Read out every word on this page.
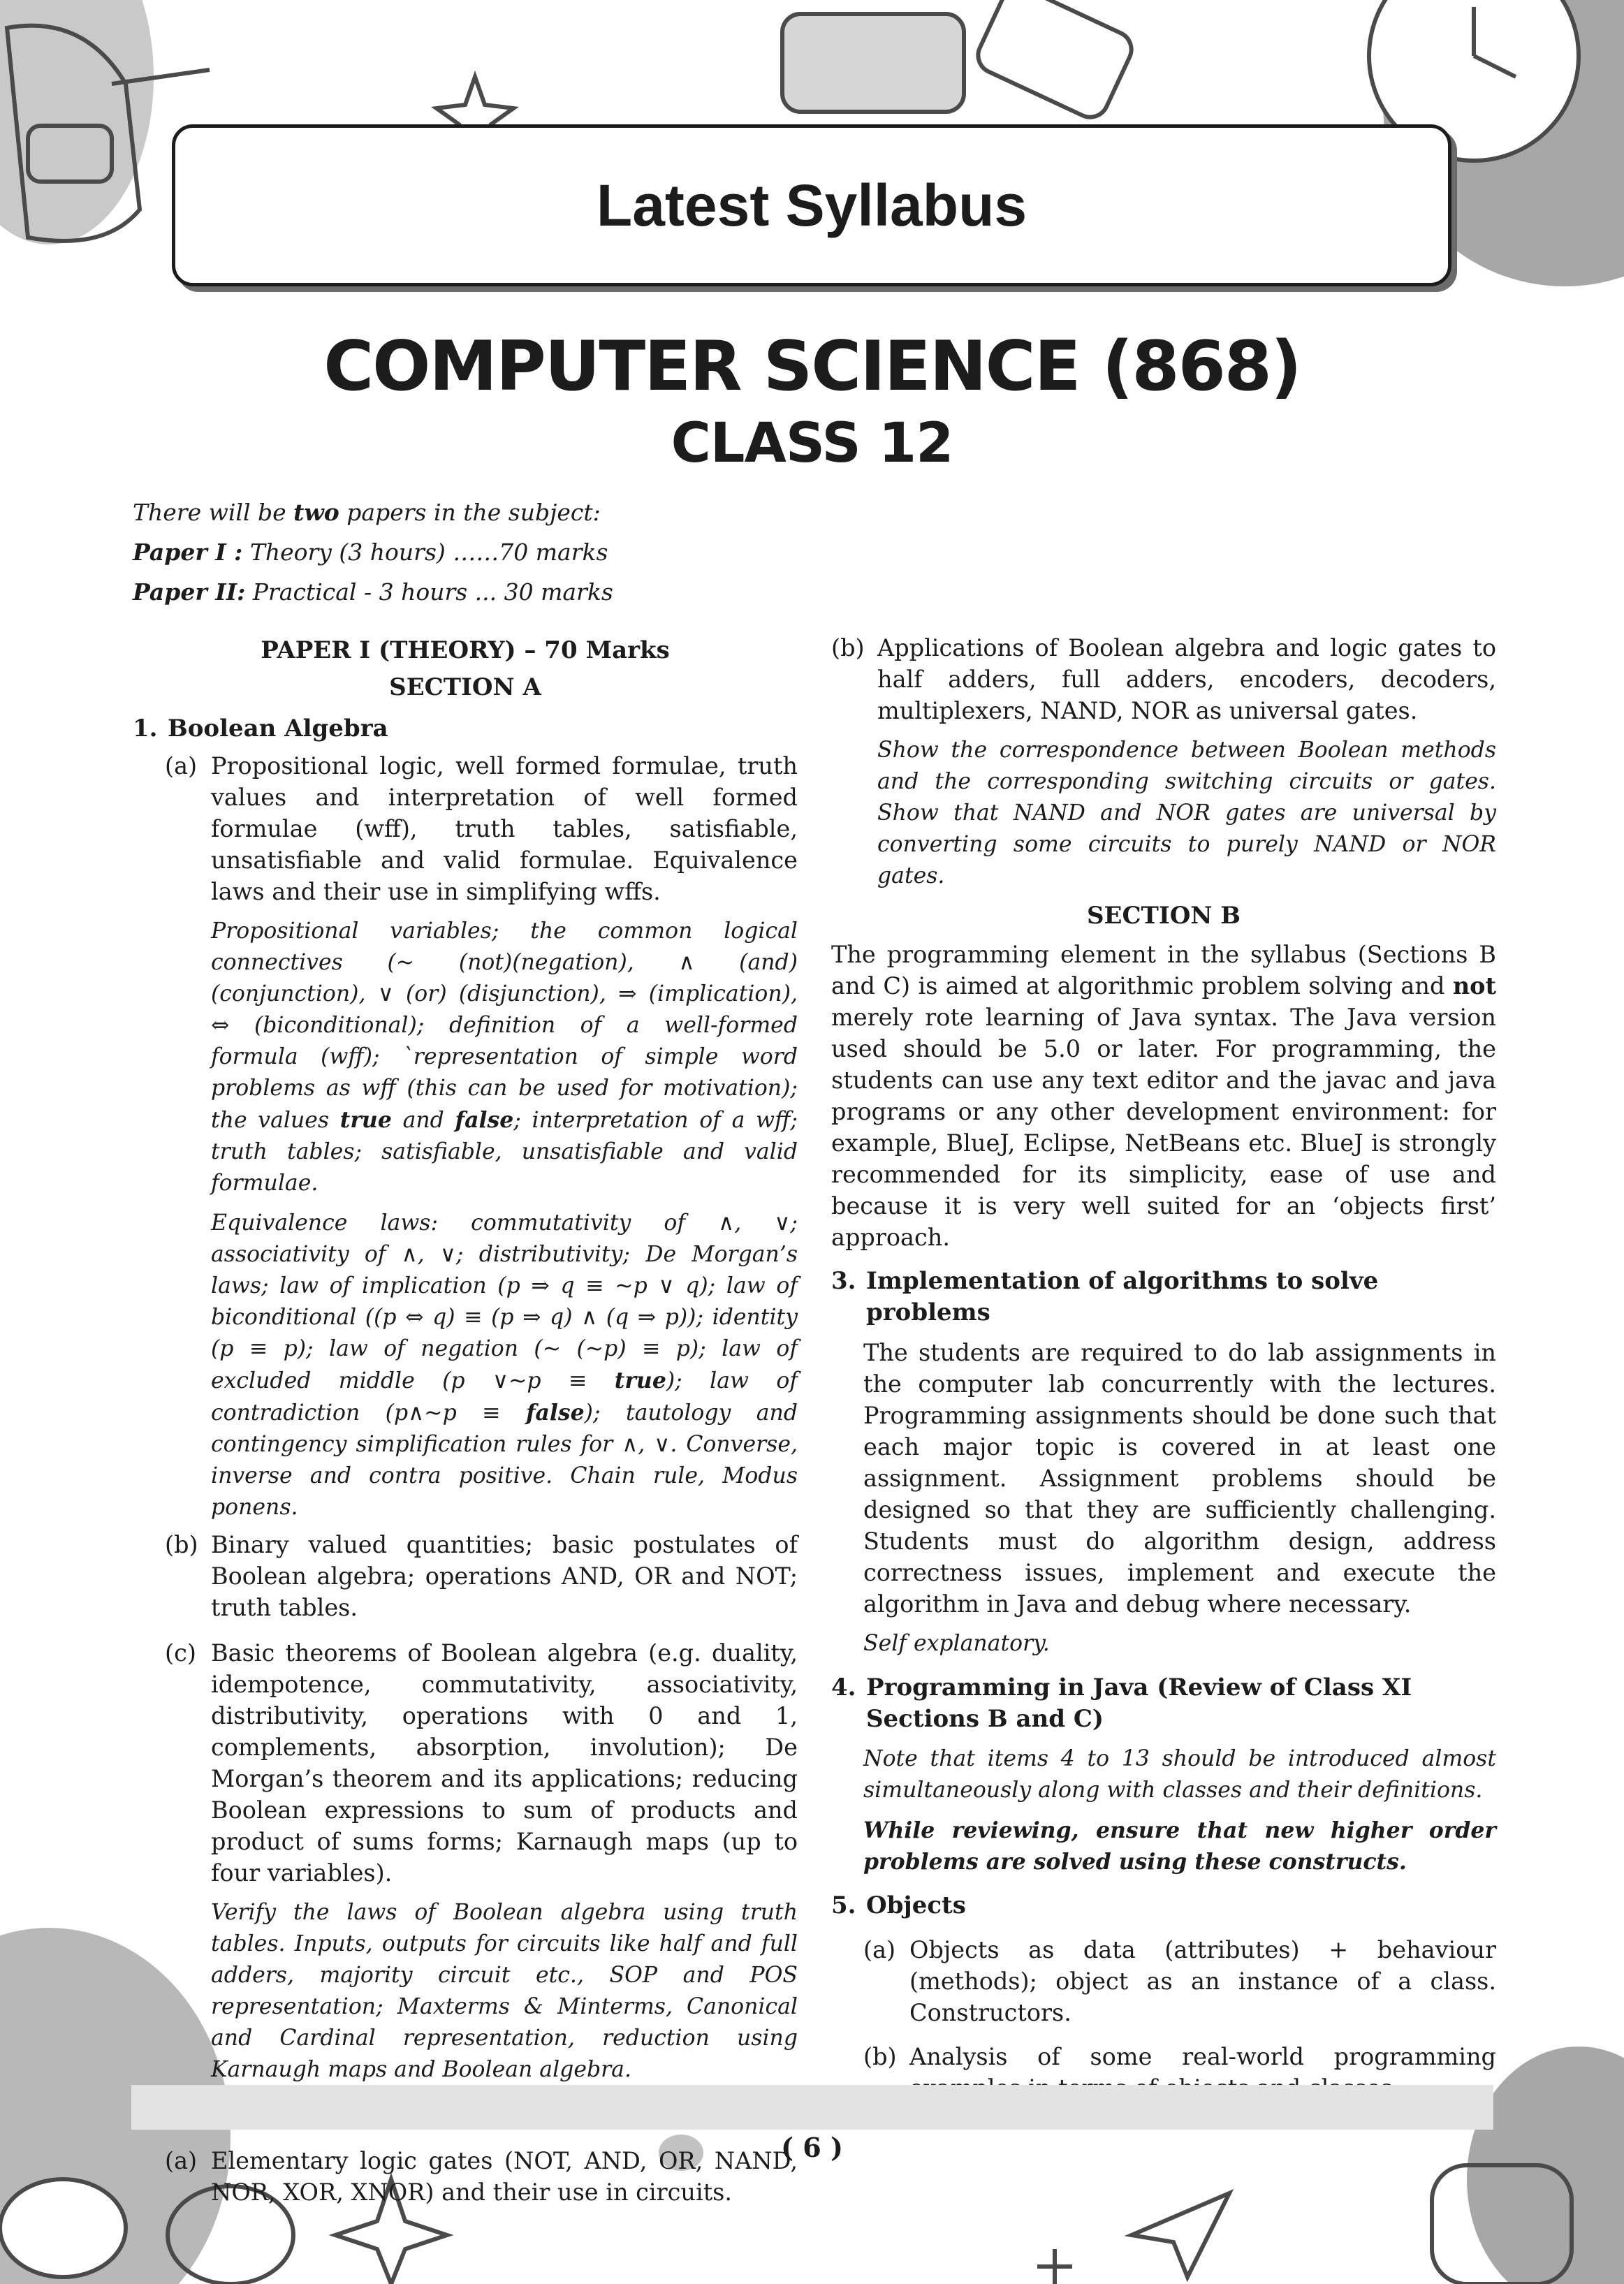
Latest Syllabus
COMPUTER SCIENCE (868)
CLASS 12
There will be two papers in the subject:
Paper I : Theory (3 hours) ……70 marks
Paper II: Practical - 3 hours ... 30 marks
PAPER I (THEORY) – 70 Marks
SECTION A
1. Boolean Algebra
(a) Propositional logic, well formed formulae, truth values and interpretation of well formed formulae (wff), truth tables, satisfiable, unsatisfiable and valid formulae. Equivalence laws and their use in simplifying wffs.
Propositional variables; the common logical connectives (~ (not)(negation), ∧ (and)(conjunction), ∨ (or) (disjunction), ⇒ (implication), ⇔ (biconditional); definition of a well-formed formula (wff); `representation of simple word problems as wff (this can be used for motivation); the values true and false; interpretation of a wff; truth tables; satisfiable, unsatisfiable and valid formulae.
Equivalence laws: commutativity of ∧, ∨; associativity of ∧, ∨; distributivity; De Morgan’s laws; law of implication (p ⇒ q ≡ ~p ∨ q); law of biconditional ((p ⇔ q) ≡ (p ⇒ q) ∧ (q ⇒ p)); identity (p ≡ p); law of negation (~ (~p) ≡ p); law of excluded middle (p ∨~p ≡ true); law of contradiction (p∧~p ≡ false); tautology and contingency simplification rules for ∧, ∨. Converse, inverse and contra positive. Chain rule, Modus ponens.
(b) Binary valued quantities; basic postulates of Boolean algebra; operations AND, OR and NOT; truth tables.
(c) Basic theorems of Boolean algebra (e.g. duality, idempotence, commutativity, associativity, distributivity, operations with 0 and 1, complements, absorption, involution); De Morgan’s theorem and its applications; reducing Boolean expressions to sum of products and product of sums forms; Karnaugh maps (up to four variables).
Verify the laws of Boolean algebra using truth tables. Inputs, outputs for circuits like half and full adders, majority circuit etc., SOP and POS representation; Maxterms & Minterms, Canonical and Cardinal representation, reduction using Karnaugh maps and Boolean algebra.
(a) Elementary logic gates (NOT, AND, OR, NAND, NOR, XOR, XNOR) and their use in circuits.
(b) Applications of Boolean algebra and logic gates to half adders, full adders, encoders, decoders, multiplexers, NAND, NOR as universal gates.
Show the correspondence between Boolean methods and the corresponding switching circuits or gates. Show that NAND and NOR gates are universal by converting some circuits to purely NAND or NOR gates.
SECTION B
The programming element in the syllabus (Sections B and C) is aimed at algorithmic problem solving and not merely rote learning of Java syntax. The Java version used should be 5.0 or later. For programming, the students can use any text editor and the javac and java programs or any other development environment: for example, BlueJ, Eclipse, NetBeans etc. BlueJ is strongly recommended for its simplicity, ease of use and because it is very well suited for an ‘objects first’ approach.
3. Implementation of algorithms to solve problems
The students are required to do lab assignments in the computer lab concurrently with the lectures. Programming assignments should be done such that each major topic is covered in at least one assignment. Assignment problems should be designed so that they are sufficiently challenging. Students must do algorithm design, address correctness issues, implement and execute the algorithm in Java and debug where necessary.
Self explanatory.
4. Programming in Java (Review of Class XI Sections B and C)
Note that items 4 to 13 should be introduced almost simultaneously along with classes and their definitions.
While reviewing, ensure that new higher order problems are solved using these constructs.
5. Objects
(a) Objects as data (attributes) + behaviour (methods); object as an instance of a class. Constructors.
(b) Analysis of some real-world programming
( 6 )
